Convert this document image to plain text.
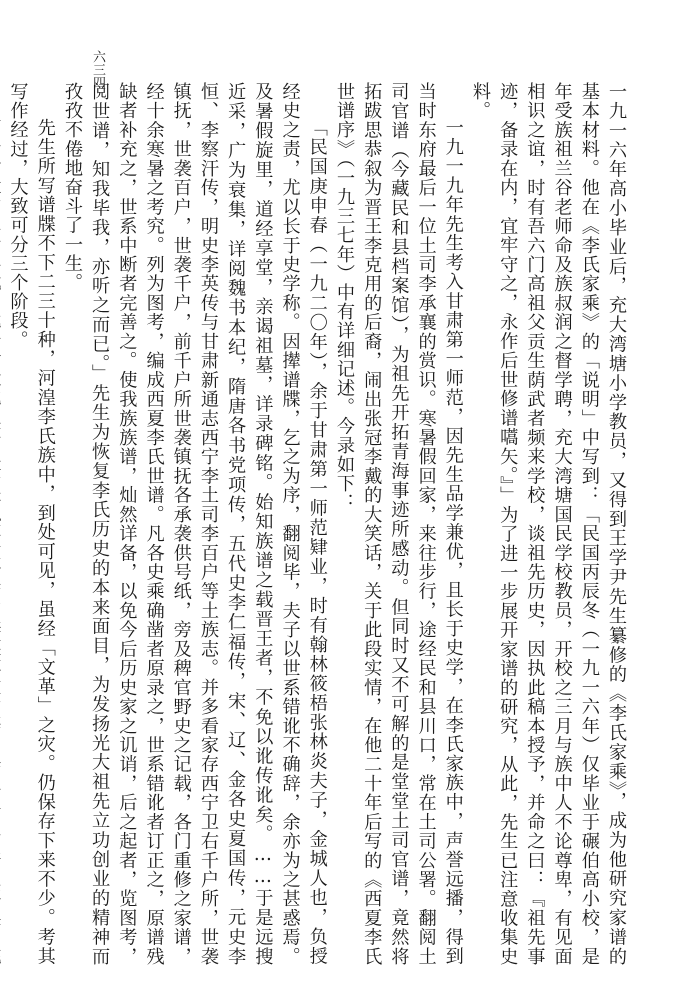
六三四

一九一六年高小毕业后，充大湾塘小学教员，又得到王学尹先生纂修的《李氏家乘》，成为他研究家谱的基本材料。他在《李氏家乘》的「说明」中写到：「民国丙辰冬（一九一六年）仅毕业于碾伯高小校，是年受族祖兰谷老师命及族叔润之督学聘，充大湾塘国民学校教员，开校之三月与族中人不论尊卑，有见面相识之谊，时有吾六门高祖父贡生荫武者频来学校，谈祖先历史，因执此稿本授予，并命之曰：『祖先事迹，备录在内，宜牢守之，永作后世修谱嚆矢。』」为了进一步展开家谱的研究，从此，先生已注意收集史料。

一九一九年先生考入甘肃第一师范，因先生品学兼优，且长于史学，在李氏家族中，声誉远播，得到当时东府最后一位土司李承襄的赏识。寒暑假回家，来往步行，途经民和县川口，常在土司公署。翻阅土司官谱（今藏民和县档案馆），为祖先开拓青海事迹所感动。但同时又不可解的是堂堂土司官谱，竟然将拓跋思恭叙为晋王李克用的后裔，闹出张冠李戴的大笑话，关于此段实情，在他二十年后写的《西夏李氏世谱序》（一九三七年）中有详细记述。今录如下：

「民国庚申春（一九二〇年），余于甘肃第一师范肄业，时有翰林筱梧张林炎夫子，金城人也，负授经史之责，尤以长于史学称。因撵谱牒，乞之为序，翻阅毕，夫子以世系错讹不确辞，余亦为之甚惑焉。及暑假旋里，道经享堂，亲谒祖墓，详录碑铭。始知族谱之载晋王者，不免以讹传讹矣。……于是远搜近采，广为衰集，详阅魏书本纪，隋唐各书党项传，五代史李仁福传，宋、辽、金各史夏国传，元史李恒、李察汗传，明史李英传与甘肃新通志西宁李土司李百户等土族志。并多看家存西宁卫右千户所，世袭镇抚，世袭百户，世袭千户，前千户所世袭镇抚各承袭供号纸，旁及稗官野史之记载，各门重修之家谱，经十余寒暑之考究。列为图考，编成西夏李氏世谱。凡各史乘确凿者原录之，世系错讹者订正之，原谱残缺者补充之，世系中断者完善之。使我族族谱，灿然详备，以免今后历史家之讥诮，后之起者，览图考，阅世谱，知我毕我，亦听之而已。」先生为恢复李氏历史的本来面目，为发扬光大祖先立功创业的精神而孜孜不倦地奋斗了一生。

先生所写谱牒不下二三十种，河湟李氏族中，到处可见，虽经「文革」之灾。仍保存下来不少。考其写作经过，大致可分三个阶段。
